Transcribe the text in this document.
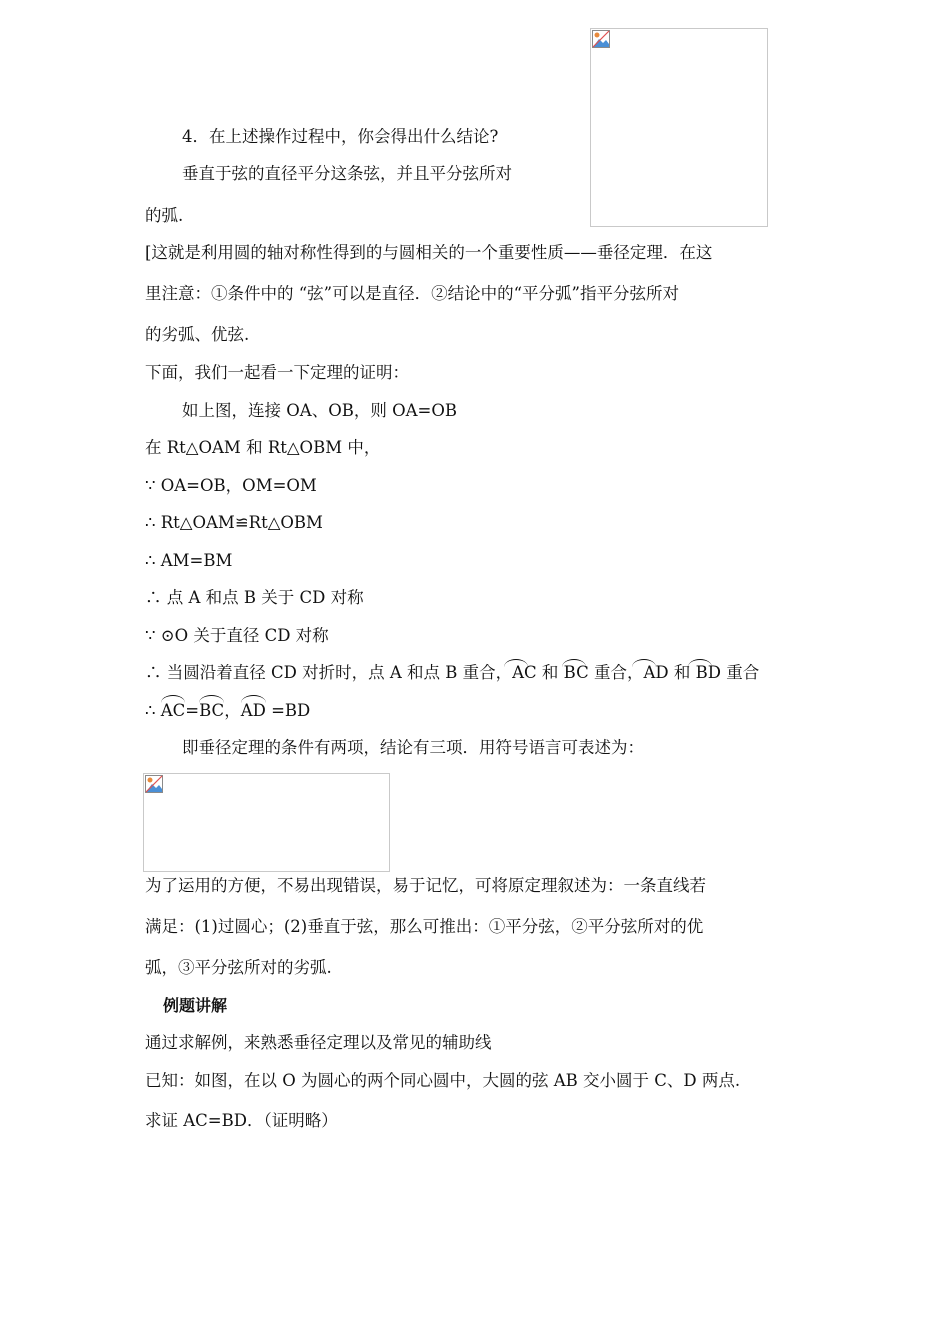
4．在上述操作过程中，你会得出什么结论?
垂直于弦的直径平分这条弦，并且平分弦所对
的弧.
[这就是利用圆的轴对称性得到的与圆相关的一个重要性质——垂径定理．在这
里注意：①条件中的 “弦”可以是直径．②结论中的“平分弧”指平分弦所对
的劣弧、优弦.
下面，我们一起看一下定理的证明：
如上图，连接 OA、OB，则 OA=OB
在 Rt△OAM 和 Rt△OBM 中，
∵ OA=OB，OM=OM
∴ Rt△OAM≌Rt△OBM
∴ AM=BM
∴ 点 A 和点 B 关于 CD 对称
∵ ⊙O 关于直径 CD 对称
∴ 当圆沿着直径 CD 对折时，点 A 和点 B 重合，AC 和 BC 重合，AD 和 BD 重合
∴ AC=BC，AD =BD
即垂径定理的条件有两项，结论有三项．用符号语言可表述为：
为了运用的方便，不易出现错误，易于记忆，可将原定理叙述为：一条直线若
满足：(1)过圆心；(2)垂直于弦，那么可推出：①平分弦，②平分弦所对的优
弧，③平分弦所对的劣弧.
例题讲解
通过求解例，来熟悉垂径定理以及常见的辅助线
已知：如图，在以 O 为圆心的两个同心圆中，大圆的弦 AB 交小圆于 C、D 两点.
求证 AC=BD．（证明略）
